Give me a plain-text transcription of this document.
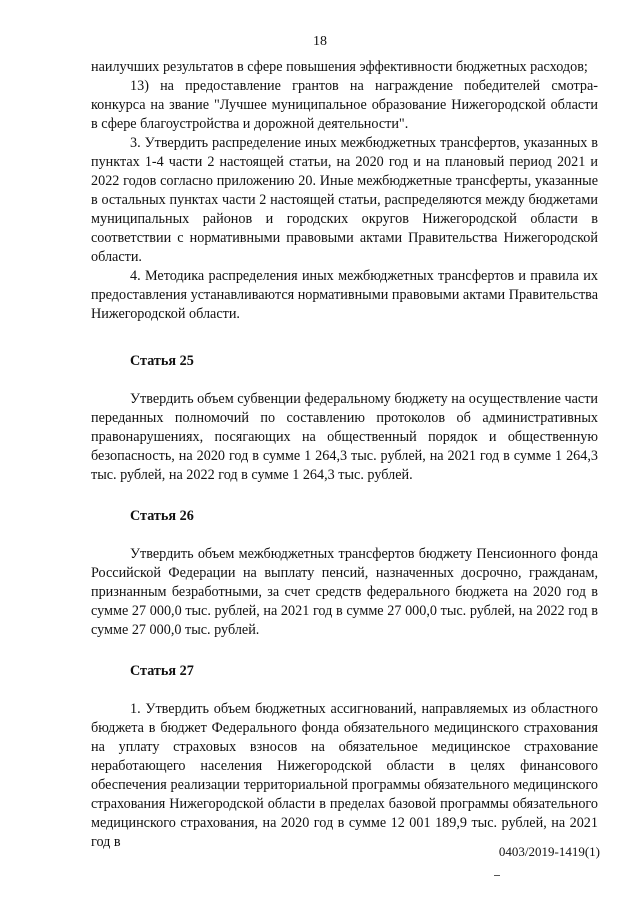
18

наилучших результатов в сфере повышения эффективности бюджетных расходов;

13) на предоставление грантов на награждение победителей смотра-конкурса на звание "Лучшее муниципальное образование Нижегородской области в сфере благоустройства и дорожной деятельности".

3. Утвердить распределение иных межбюджетных трансфертов, указанных в пунктах 1-4 части 2 настоящей статьи, на 2020 год и на плановый период 2021 и 2022 годов согласно приложению 20. Иные межбюджетные трансферты, указанные в остальных пунктах части 2 настоящей статьи, распределяются между бюджетами муниципальных районов и городских округов Нижегородской области в соответствии с нормативными правовыми актами Правительства Нижегородской области.

4. Методика распределения иных межбюджетных трансфертов и правила их предоставления устанавливаются нормативными правовыми актами Правительства Нижегородской области.

Статья 25

Утвердить объем субвенции федеральному бюджету на осуществление части переданных полномочий по составлению протоколов об административных правонарушениях, посягающих на общественный порядок и общественную безопасность, на 2020 год в сумме 1 264,3 тыс. рублей, на 2021 год в сумме 1 264,3 тыс. рублей, на 2022 год в сумме 1 264,3 тыс. рублей.

Статья 26

Утвердить объем межбюджетных трансфертов бюджету Пенсионного фонда Российской Федерации на выплату пенсий, назначенных досрочно, гражданам, признанным безработными, за счет средств федерального бюджета на 2020 год в сумме 27 000,0 тыс. рублей, на 2021 год в сумме 27 000,0 тыс. рублей, на 2022 год в сумме 27 000,0 тыс. рублей.

Статья 27

1. Утвердить объем бюджетных ассигнований, направляемых из областного бюджета в бюджет Федерального фонда обязательного медицинского страхования на уплату страховых взносов на обязательное медицинское страхование неработающего населения Нижегородской области в целях финансового обеспечения реализации территориальной программы обязательного медицинского страхования Нижегородской области в пределах базовой программы обязательного медицинского страхования, на 2020 год в сумме 12 001 189,9 тыс. рублей, на 2021 год в

0403/2019-1419(1)
